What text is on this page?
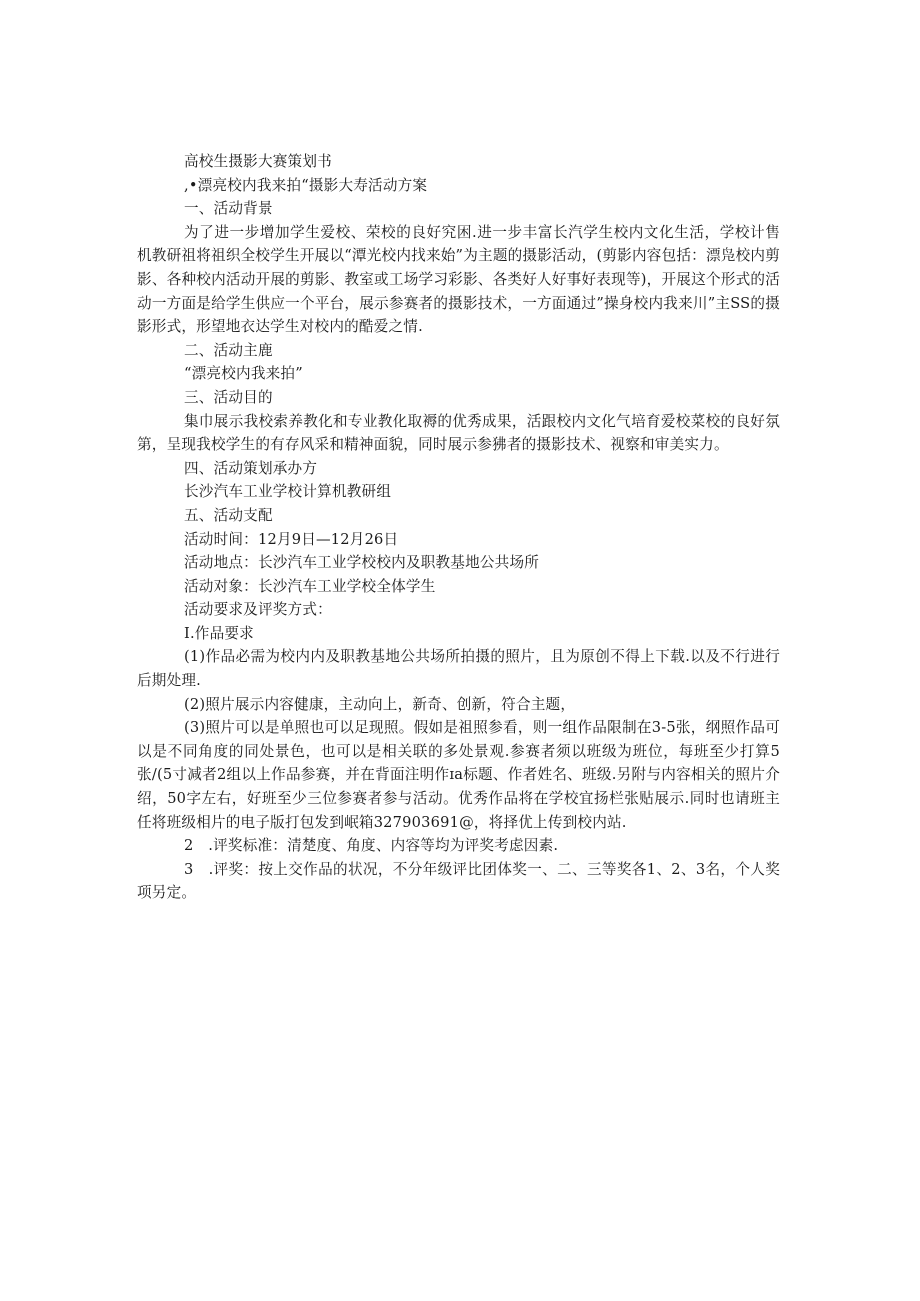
高校生摄影大赛策划书
,•漂亮校内我来拍“摄影大寿活动方案
一、活动背景
为了进一步增加学生爱校、荣校的良好究困.进一步丰富长汽学生校内文化生活，学校计售机教研祖将祖织全校学生开展以“潭光校内找来始”为主题的摄影活动，(剪影内容包括：漂凫校内剪影、各种校内活动开展的剪影、教室或工场学习彩影、各类好人好事好表现等)，开展这个形式的活动一方面是给学生供应一个平台，展示参赛者的摄影技术，一方面通过”操身校内我来川”主SS的摄影形式，形望地衣达学生对校内的酷爱之情.
二、活动主鹿
“漂亮校内我来拍”
三、活动目的
集巾展示我校索养教化和专业教化取褥的优秀成果，活跟校内文化气培育爱校菜校的良好氛第，呈现我校学生的有存风采和精神面貌，同时展示参狒者的摄影技术、视察和审美实力。
四、活动策划承办方
长沙汽车工业学校计算机教研组
五、活动支配
活动时间：12月9日—12月26日
活动地点：长沙汽车工业学校校内及职教基地公共场所
活动对象：长沙汽车工业学校全体学生
活动要求及评奖方式：
I.作品要求
(1)作品必需为校内内及职教基地公共场所拍摄的照片，且为原创不得上下载.以及不行进行后期处理.
(2)照片展示内容健康，主动向上，新奇、创新，符合主题，
(3)照片可以是单照也可以足现照。假如是祖照参看，则一组作品限制在3-5张，纲照作品可以是不同角度的同处景色，也可以是相关联的多处景观.参赛者须以班级为班位，每班至少打算5张/(5寸减者2组以上作品参赛，并在背面注明作ɪa标题、作者姓名、班级.另附与内容相关的照片介绍，50字左右，好班至少三位参赛者参与活动。优秀作品将在学校宜扬栏张贴展示.同时也请班主任将班级相片的电子版打包发到岷箱327903691@，将择优上传到校内站.
2　.评奖标准：清楚度、角度、内容等均为评奖考虑因素.
3　.评奖：按上交作品的状况，不分年级评比团体奖一、二、三等奖各1、2、3名，个人奖项另定。
